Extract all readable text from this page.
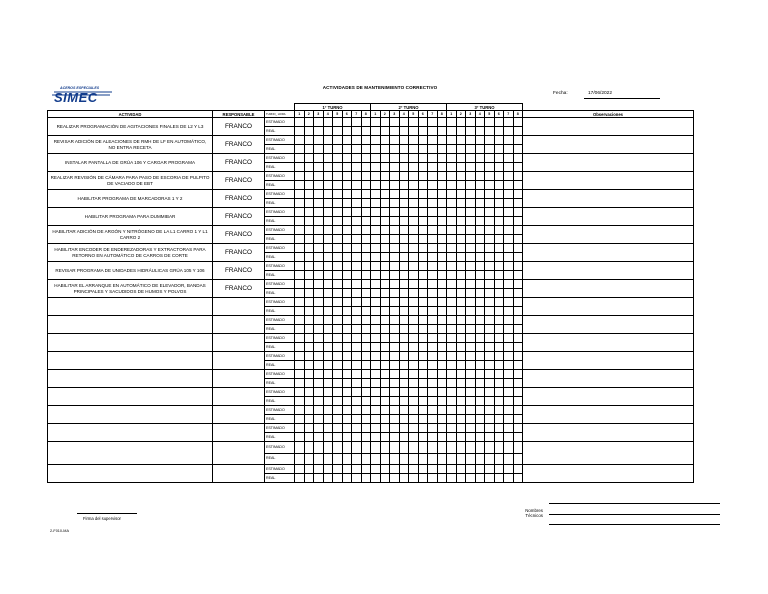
ACEROS ESPECIALES
SIMEC
ACTIVIDADES DE MANTENIMIENTO CORRECTIVO
Fecha:	17/06/2022
			1° TURNO								2° TURNO								3° TURNO								
ACTIVIDAD	RESPONSABLE	TURNO_ HORA	1	2	3	4	5	6	7	8	1	2	3	4	5	6	7	8	1	2	3	4	5	6	7	8	Observaciones
REALIZAR PROGRAMACIÓN DE AGITACIONES FINALES DE L2 Y L3	FRANCO	ESTIMADO																									
		REAL																									
REVISAR ADICIÓN DE ALEACIONES DE RMH DE LF EN AUTOMÁTICO, NO ENTRA RECETA	FRANCO	ESTIMADO																									
		REAL																									
INSTALAR PANTALLA DE GRÚA 106 Y CARGAR PROGRAMA	FRANCO	ESTIMADO																									
		REAL																									
REALIZAR REVISIÓN DE CÁMARA PARA PASO DE ESCORIA DE PULPITO DE VACIADO DE EBT	FRANCO	ESTIMADO																									
		REAL																									
HABILITAR PROGRAMA DE MARCADORAS 1 Y 2	FRANCO	ESTIMADO																									
		REAL																									
HABILITAR PROGRAMA PARA DUMMIBAR	FRANCO	ESTIMADO																									
		REAL																									
HABILITAR ADICIÓN DE ARGÓN Y NITRÓGENO DE LA L1 CARRO 1 Y L1 CARRO 2	FRANCO	ESTIMADO																									
		REAL																									
HABILITAR ENCODER DE ENDEREZADORAS Y EXTRACTORAS PARA RETORNO EN AUTOMÁTICO DE CARROS DE CORTE	FRANCO	ESTIMADO																									
		REAL																									
REVISAR PROGRAMA DE UNIDADES HIDRÁULICAS GRÚA 105 Y 106	FRANCO	ESTIMADO																									
		REAL																									
HABILITAR EL ARRANQUE EN AUTOMÁTICO DE ELEVADOR, BANDAS PRINCIPALES Y SACUDIDOS DE HUMOS Y POLVOS	FRANCO	ESTIMADO																									
		REAL																									
		ESTIMADO																									
		REAL																									
		ESTIMADO																									
		REAL																									
		ESTIMADO																									
		REAL																									
		ESTIMADO																									
		REAL																									
		ESTIMADO																									
		REAL																									
		ESTIMADO																									
		REAL																									
		ESTIMADO																									
		REAL																									
		ESTIMADO																									
		REAL																									
		ESTIMADO																									
		REAL																									
		ESTIMADO																									
		REAL																									
Firma del supervisor
Nombres
Técnicos
2-F010-MA
